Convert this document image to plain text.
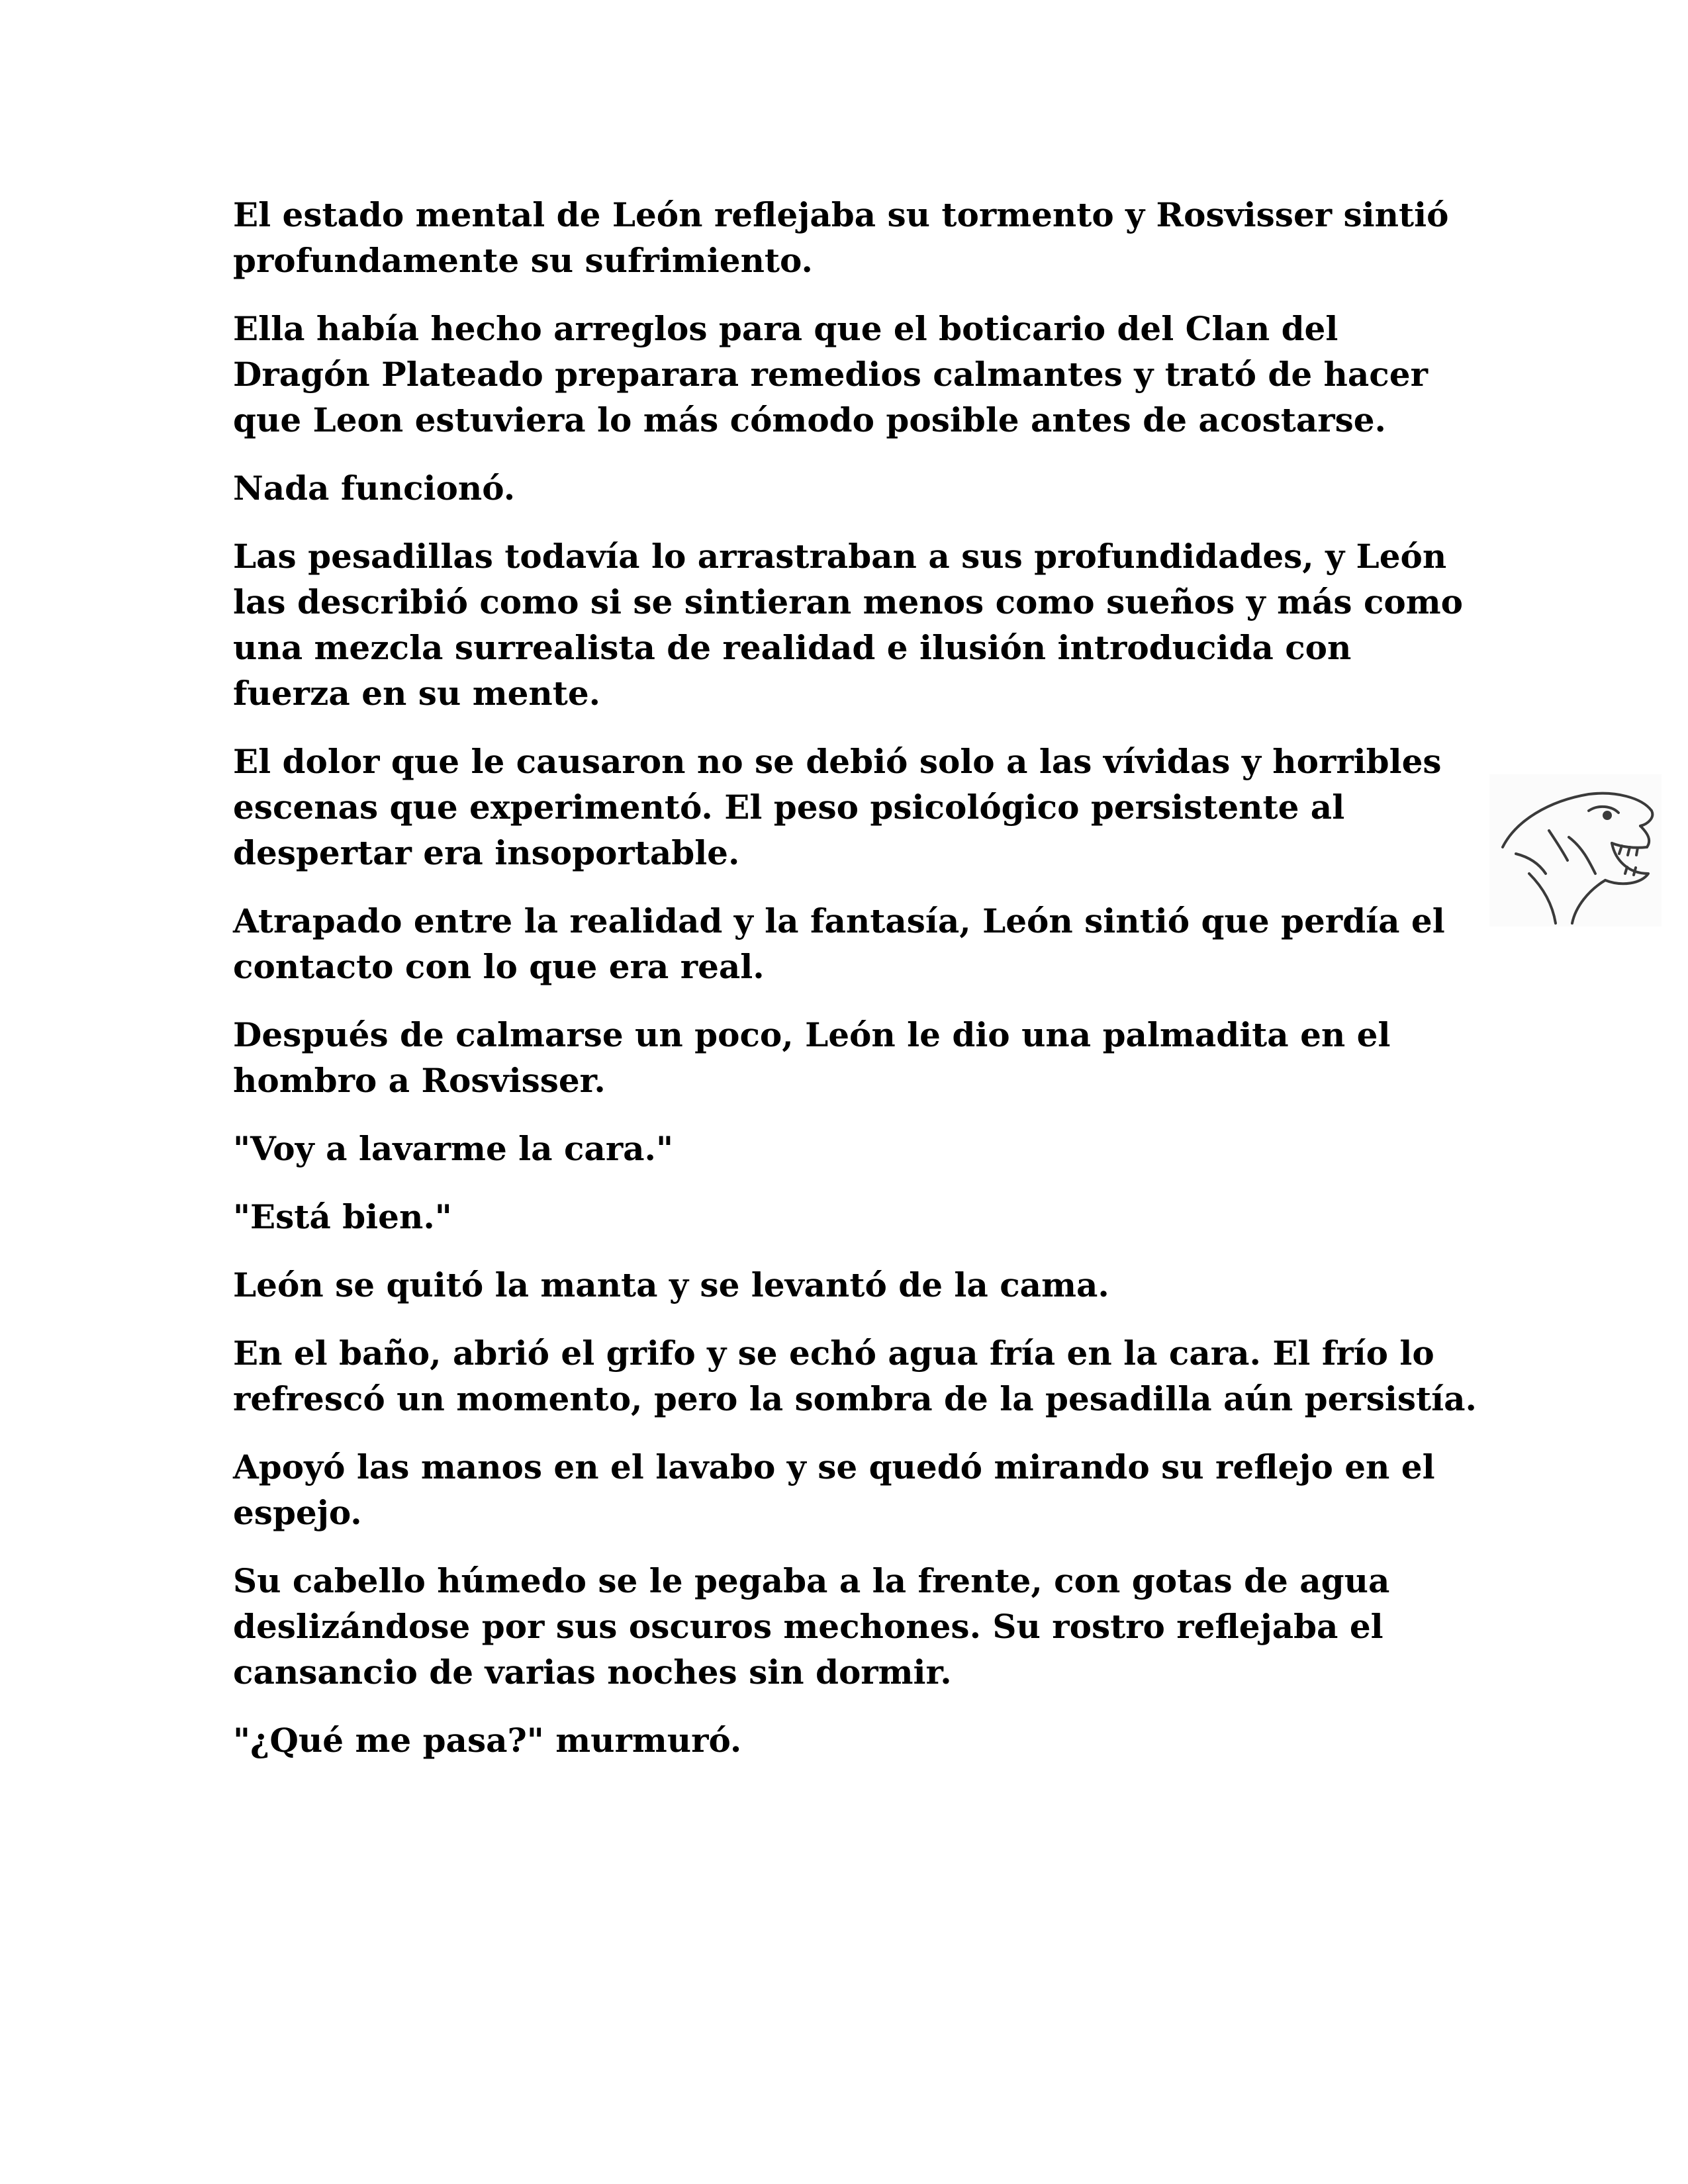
El estado mental de León reflejaba su tormento y Rosvisser sintió profundamente su sufrimiento.

Ella había hecho arreglos para que el boticario del Clan del Dragón Plateado preparara remedios calmantes y trató de hacer que Leon estuviera lo más cómodo posible antes de acostarse.

Nada funcionó.

Las pesadillas todavía lo arrastraban a sus profundidades, y León las describió como si se sintieran menos como sueños y más como una mezcla surrealista de realidad e ilusión introducida con fuerza en su mente.

El dolor que le causaron no se debió solo a las vívidas y horribles escenas que experimentó. El peso psicológico persistente al despertar era insoportable.

Atrapado entre la realidad y la fantasía, León sintió que perdía el contacto con lo que era real.

Después de calmarse un poco, León le dio una palmadita en el hombro a Rosvisser.

"Voy a lavarme la cara."

"Está bien."

León se quitó la manta y se levantó de la cama.

En el baño, abrió el grifo y se echó agua fría en la cara. El frío lo refrescó un momento, pero la sombra de la pesadilla aún persistía.

Apoyó las manos en el lavabo y se quedó mirando su reflejo en el espejo.

Su cabello húmedo se le pegaba a la frente, con gotas de agua deslizándose por sus oscuros mechones. Su rostro reflejaba el cansancio de varias noches sin dormir.

"¿Qué me pasa?" murmuró.
